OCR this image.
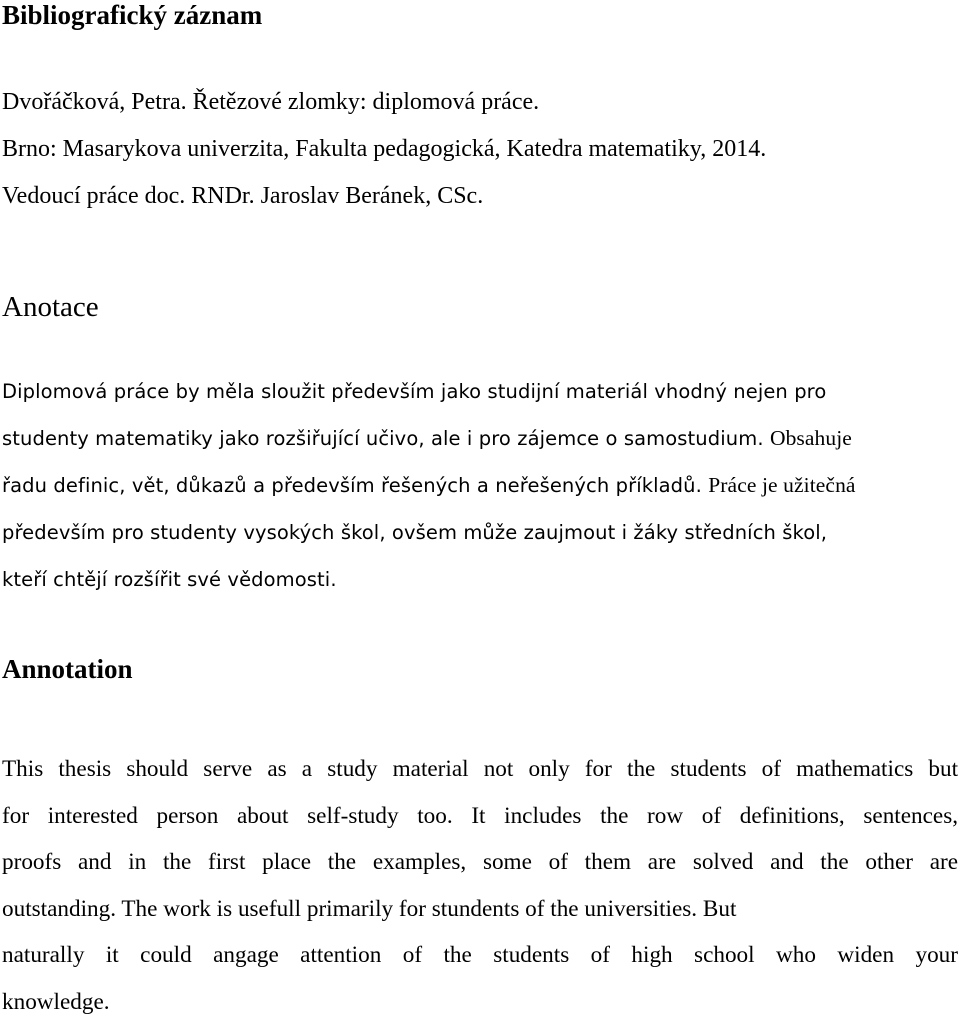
Bibliografický záznam
Dvořáčková, Petra. Řetězové zlomky: diplomová práce.
Brno: Masarykova univerzita, Fakulta pedagogická, Katedra matematiky, 2014.
Vedoucí práce doc. RNDr. Jaroslav Beránek, CSc.
Anotace
Diplomová práce by měla sloužit především jako studijní materiál vhodný nejen pro
studenty matematiky jako rozšiřující učivo, ale i pro zájemce o samostudium. Obsahuje
řadu definic, vět, důkazů a především řešených a neřešených příkladů. Práce je užitečná
především pro studenty vysokých škol, ovšem může zaujmout i žáky středních škol,
kteří chtějí rozšířit své vědomosti.
Annotation
This thesis should serve as a study material not only for the students of mathematics but
for interested person about self-study too. It includes the row of definitions, sentences,
proofs and in the first place the examples, some of them are solved and the other are
outstanding. The work is usefull primarily for stundents of the universities. But
naturally it could angage attention of the students of high school who widen your
knowledge.
